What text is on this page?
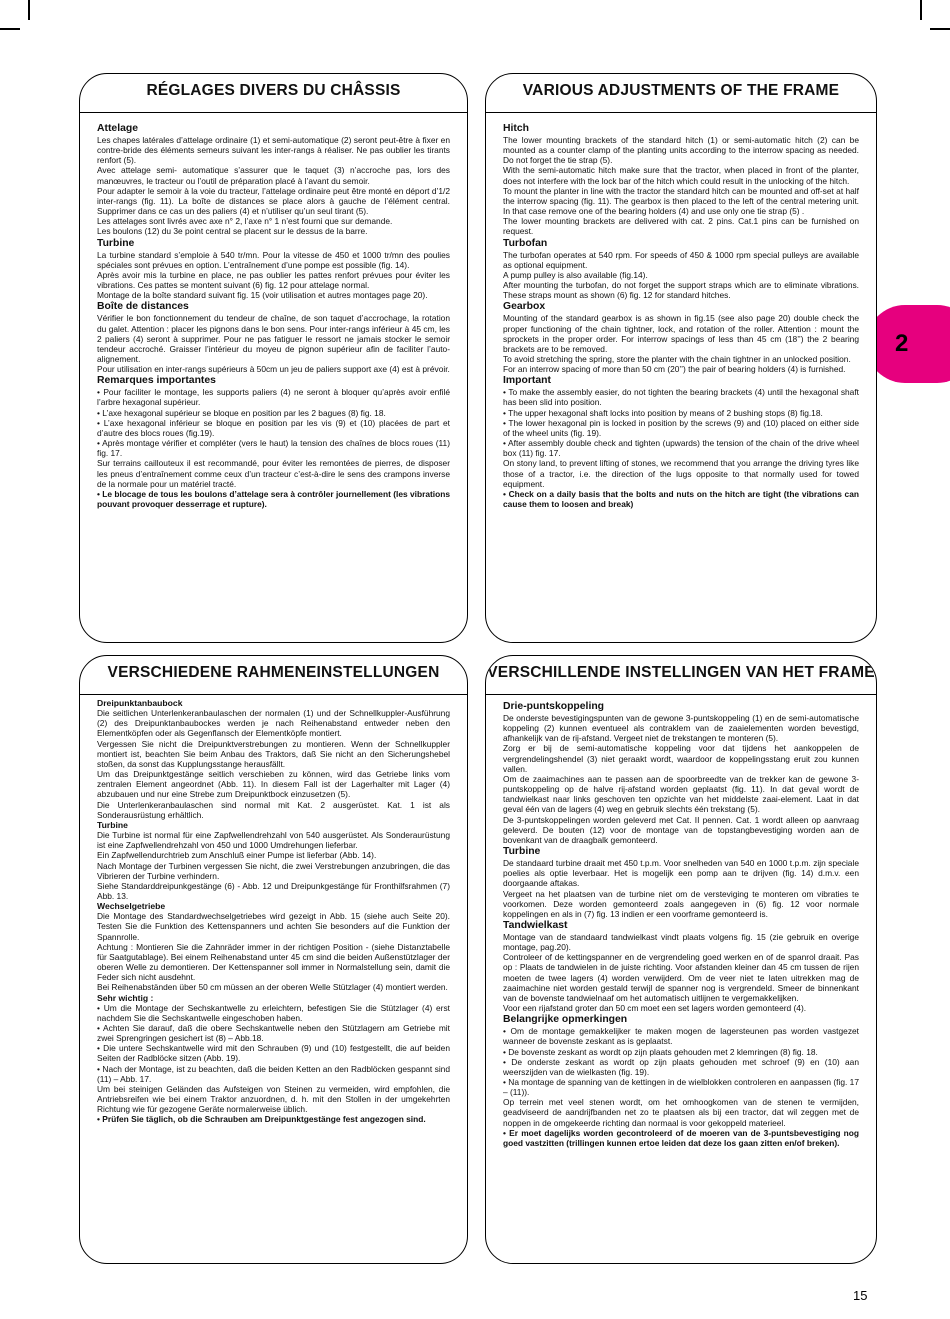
2
RÉGLAGES DIVERS DU CHÂSSIS

Attelage

Les chapes latérales d’attelage ordinaire (1) et semi-automatique (2) seront peut-être à fixer en contre-bride des éléments semeurs suivant les inter-rangs à réaliser. Ne pas oublier les tirants renfort (5).

Avec attelage semi- automatique s’assurer que le taquet (3) n’accroche pas, lors des manœuvres, le tracteur ou l’outil de préparation placé à l’avant du semoir.

Pour adapter le semoir à la voie du tracteur, l’attelage ordinaire peut être monté en déport d’1/2 inter-rangs (fig. 11). La boîte de distances se place alors à gauche de l’élément central. Supprimer dans ce cas un des paliers (4) et n’utiliser qu’un seul tirant (5).

Les attelages sont livrés avec axe n° 2, l’axe n° 1 n’est fourni que sur demande.

Les boulons (12) du 3e point central se placent sur le dessus de la barre.

Turbine

La turbine standard s’emploie à 540 tr/mn. Pour la vitesse de 450 et 1000 tr/mn des poulies spéciales sont prévues en option. L’entraînement d’une pompe est possible (fig. 14).

Après avoir mis la turbine en place, ne pas oublier les pattes renfort prévues pour éviter les vibrations. Ces pattes se montent suivant (6) fig. 12 pour attelage normal.

Montage de la boîte standard suivant fig. 15 (voir utilisation et autres montages page 20).

Boîte de distances

Vérifier le bon fonctionnement du tendeur de chaîne, de son taquet d’accrochage, la rotation du galet. Attention : placer les pignons dans le bon sens. Pour inter-rangs inférieur à 45 cm, les 2 paliers (4) seront à supprimer. Pour ne pas fatiguer le ressort ne jamais stocker le semoir tendeur accroché. Graisser l’intérieur du moyeu de pignon supérieur afin de faciliter l’auto- alignement.

Pour utilisation en inter-rangs supérieurs à 50cm un jeu de paliers support axe (4) est à prévoir.

Remarques importantes

• Pour faciliter le montage, les supports paliers (4) ne seront à bloquer qu’après avoir enfilé l’arbre hexagonal supérieur.

• L’axe hexagonal supérieur se bloque en position par les 2 bagues (8) fig. 18.

• L’axe hexagonal inférieur se bloque en position par les vis (9) et (10) placées de part et d’autre des blocs roues (fig.19).

• Après montage vérifier et compléter (vers le haut) la tension des chaînes de blocs roues (11) fig. 17.

Sur terrains caillouteux il est recommandé, pour éviter les remontées de pierres, de disposer les pneus d’entraînement comme ceux d’un tracteur c’est-à-dire le sens des crampons inverse de la normale pour un matériel tracté.

• Le blocage de tous les boulons d’attelage sera à contrôler journellement (les vibrations pouvant provoquer desserrage et rupture).

VARIOUS ADJUSTMENTS OF THE FRAME

Hitch

The lower mounting brackets of the standard hitch (1) or semi-automatic hitch (2) can be mounted as a counter clamp of the planting units according to the interrow spacing as needed. Do not forget the tie strap (5).

With the semi-automatic hitch make sure that the tractor, when placed in front of the planter, does not interfere with the lock bar of the hitch which could result in the unlocking of the hitch.

To mount the planter in line with the tractor the standard hitch can be mounted and off-set at half the interrow spacing (fig. 11). The gearbox is then placed to the left of the central metering unit. In that case remove one of the bearing holders (4) and use only one tie strap (5) .

The lower mounting brackets are delivered with cat. 2 pins. Cat.1 pins can be furnished on request.

Turbofan

The turbofan operates at 540 rpm. For speeds of 450 & 1000 rpm special pulleys are available as optional equipment.

A pump pulley is also available (fig.14).

After mounting the turbofan, do not forget the support straps which are to eliminate vibrations. These straps mount as shown (6) fig. 12 for standard hitches.

Gearbox

Mounting of the standard gearbox is as shown in fig.15 (see also page 20) double check the proper functioning of the chain tightner, lock, and rotation of the roller. Attention : mount the sprockets in the proper order. For interrow spacings of less than 45 cm (18’’) the 2 bearing brackets are to be removed.

To avoid stretching the spring, store the planter with the chain tightner in an unlocked position.

For an interrow spacing of more than 50 cm (20’’) the pair of bearing holders (4) is furnished.

Important

• To make the assembly easier, do not tighten the bearing brackets (4) until the hexagonal shaft has been slid into position.

• The upper hexagonal shaft locks into position by means of 2 bushing stops (8) fig.18.

• The lower hexagonal pin is locked in position by the screws (9) and (10) placed on either side of the wheel units (fig. 19).

• After assembly double check and tighten (upwards) the tension of the chain of the drive wheel box (11) fig. 17.

On stony land, to prevent lifting of stones, we recommend that you arrange the driving tyres like those of a tractor, i.e. the direction of the lugs opposite to that normally used for towed equipment.

• Check on a daily basis that the bolts and nuts on the hitch are tight (the vibrations can cause them to loosen and break)

VERSCHIEDENE RAHMENEINSTELLUNGEN

Dreipunktanbaubock

Die seitlichen Unterlenkeranbaulaschen der normalen (1) und der Schnellkuppler-Ausführung (2) des Dreipunktanbaubockes werden je nach Reihenabstand entweder neben den Elementköpfen oder als Gegenflansch der Elementköpfe montiert.

Vergessen Sie nicht die Dreipunktverstrebungen zu montieren. Wenn der Schnellkuppler montiert ist, beachten Sie beim Anbau des Traktors, daß Sie nicht an den Sicherungshebel stoßen, da sonst das Kupplungsstange herausfällt.

Um das Dreipunktgestänge seitlich verschieben zu können, wird das Getriebe links vom zentralen Element angeordnet (Abb. 11). In diesem Fall ist der Lagerhalter mit Lager (4) abzubauen und nur eine Strebe zum Dreipunktbock einzusetzen (5).

Die Unterlenkeranbaulaschen sind normal mit Kat. 2 ausgerüstet. Kat. 1 ist als Sonderausrüstung erhältlich.

Turbine

Die Turbine ist normal für eine Zapfwellendrehzahl von 540 ausgerüstet. Als Sonderaurüstung ist eine Zapfwellendrehzahl von 450 und 1000 Umdrehungen lieferbar.

Ein Zapfwellendurchtrieb zum Anschluß einer Pumpe ist lieferbar (Abb. 14).

Nach Montage der Turbinen vergessen Sie nicht, die zwei Verstrebungen anzubringen, die das Vibrieren der Turbine verhindern.

Siehe Standarddreipunkgestänge (6) - Abb. 12 und Dreipunkgestänge für Fronthilfsrahmen (7) Abb. 13.

Wechselgetriebe

Die Montage des Standardwechselgetriebes wird gezeigt in Abb. 15 (siehe auch Seite 20). Testen Sie die Funktion des Kettenspanners und achten Sie besonders auf die Funktion der Spannrolle.

Achtung : Montieren Sie die Zahnräder immer in der richtigen Position - (siehe Distanztabelle für Saatgutablage). Bei einem Reihenabstand unter 45 cm sind die beiden Außenstützlager der oberen Welle zu demontieren. Der Kettenspanner soll immer in Normalstellung sein, damit die Feder sich nicht ausdehnt.

Bei Reihenabständen über 50 cm müssen an der oberen Welle Stützlager (4) montiert werden.

Sehr wichtig :

• Um die Montage der Sechskantwelle zu erleichtern, befestigen Sie die Stützlager (4) erst nachdem Sie die Sechskantwelle eingeschoben haben.

• Achten Sie darauf, daß die obere Sechskantwelle neben den Stützlagern am Getriebe mit zwei Sprengringen gesichert ist (8) – Abb.18.

• Die untere Sechskantwelle wird mit den Schrauben (9) und (10) festgestellt, die auf beiden Seiten der Radblöcke sitzen (Abb. 19).

• Nach der Montage, ist zu beachten, daß die beiden Ketten an den Radblöcken gespannt sind (11) – Abb. 17.

Um bei steinigen Geländen das Aufsteigen von Steinen zu vermeiden, wird empfohlen, die Antriebsreifen wie bei einem Traktor anzuordnen, d. h. mit den Stollen in der umgekehrten Richtung wie für gezogene Geräte normalerweise üblich.

• Prüfen Sie täglich, ob die Schrauben am Dreipunktgestänge fest angezogen sind.

VERSCHILLENDE INSTELLINGEN VAN HET FRAME

Drie-puntskoppeling

De onderste bevestigingspunten van de gewone 3-puntskoppeling (1) en de semi-automatische koppeling (2) kunnen eventueel als contraklem van de zaaielementen worden bevestigd, afhankelijk van de rij-afstand. Vergeet niet de trekstangen te monteren (5).

Zorg er bij de semi-automatische koppeling voor dat tijdens het aankoppelen de vergrendelingshendel (3) niet geraakt wordt, waardoor de koppelingsstang eruit zou kunnen vallen.

Om de zaaimachines aan te passen aan de spoorbreedte van de trekker kan de gewone 3-puntskoppeling op de halve rij-afstand worden geplaatst (fig. 11). In dat geval wordt de tandwielkast naar links geschoven ten opzichte van het middelste zaai-element. Laat in dat geval één van de lagers (4) weg en gebruik slechts één trekstang (5).

De 3-puntskoppelingen worden geleverd met Cat. II pennen. Cat. 1 wordt alleen op aanvraag geleverd. De bouten (12) voor de montage van de topstangbevestiging worden aan de bovenkant van de draagbalk gemonteerd.

Turbine

De standaard turbine draait met 450 t.p.m. Voor snelheden van 540 en 1000 t.p.m. zijn speciale poelies als optie leverbaar. Het is mogelijk een pomp aan te drijven (fig. 14) d.m.v. een doorgaande aftakas.

Vergeet na het plaatsen van de turbine niet om de versteviging te monteren om vibraties te voorkomen. Deze worden gemonteerd zoals aangegeven in (6) fig. 12 voor normale koppelingen en als in (7) fig. 13 indien er een voorframe gemonteerd is.

Tandwielkast

Montage van de standaard tandwielkast vindt plaats volgens fig. 15 (zie gebruik en overige montage, pag.20).

Controleer of de kettingspanner en de vergrendeling goed werken en of de spanrol draait. Pas op : Plaats de tandwielen in de juiste richting. Voor afstanden kleiner dan 45 cm tussen de rijen moeten de twee lagers (4) worden verwijderd. Om de veer niet te laten uitrekken mag de zaaimachine niet worden gestald terwijl de spanner nog is vergrendeld. Smeer de binnenkant van de bovenste tandwielnaaf om het automatisch uitlijnen te vergemakkelijken.

Voor een rijafstand groter dan 50 cm moet een set lagers worden gemonteerd (4).

Belangrijke opmerkingen

• Om de montage gemakkelijker te maken mogen de lagersteunen pas worden vastgezet wanneer de bovenste zeskant as is geplaatst.

• De bovenste zeskant as wordt op zijn plaats gehouden met 2 klemringen (8) fig. 18.

• De onderste zeskant as wordt op zijn plaats gehouden met schroef (9) en (10) aan weerszijden van de wielkasten (fig. 19).

• Na montage de spanning van de kettingen in de wielblokken controleren en aanpassen (fig. 17 – (11)).

Op terrein met veel stenen wordt, om het omhoogkomen van de stenen te vermijden, geadviseerd de aandrijfbanden net zo te plaatsen als bij een tractor, dat wil zeggen met de noppen in de omgekeerde richting dan normaal is voor gekoppeld materieel.

• Er moet dagelijks worden gecontroleerd of de moeren van de 3-puntsbevestiging nog goed vastzitten (trillingen kunnen ertoe leiden dat deze los gaan zitten en/of breken).

15
